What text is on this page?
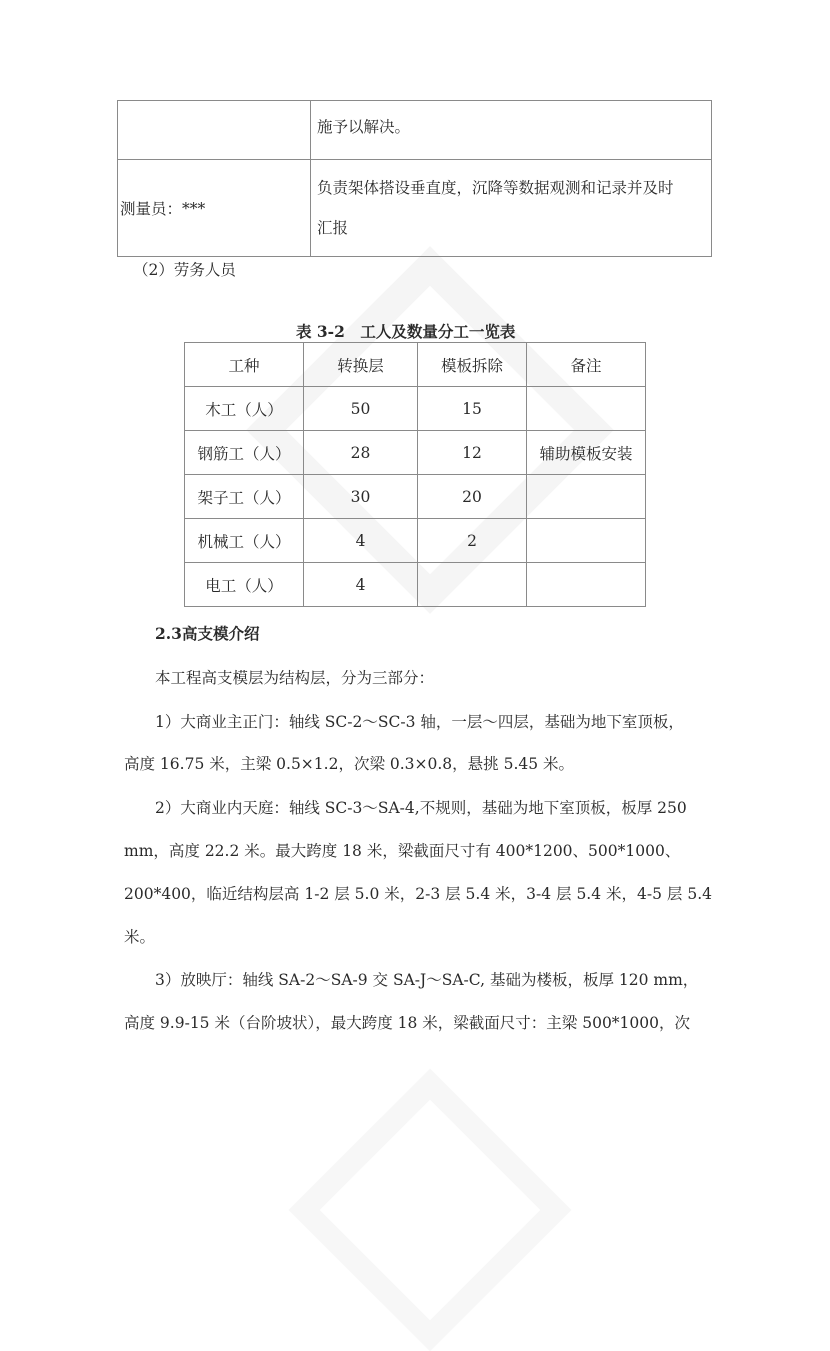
	施予以解决。
测量员：***	负责架体搭设垂直度，沉降等数据观测和记录并及时
汇报

（2）劳务人员

表 3-2　工人及数量分工一览表

工种	转换层	模板拆除	备注
木工（人）	50	15	
钢筋工（人）	28	12	辅助模板安装
架子工（人）	30	20	
机械工（人）	4	2	
电工（人）	4		

2.3高支模介绍

本工程高支模层为结构层，分为三部分：

1）大商业主正门：轴线 SC-2～SC-3 轴，一层～四层，基础为地下室顶板，

高度 16.75 米，主梁 0.5×1.2，次梁 0.3×0.8，悬挑 5.45 米。

2）大商业内天庭：轴线 SC-3～SA-4,不规则，基础为地下室顶板，板厚 250

mm，高度 22.2 米。最大跨度 18 米，梁截面尺寸有 400*1200、500*1000、

200*400，临近结构层高 1-2 层 5.0 米，2-3 层 5.4 米，3-4 层 5.4 米，4-5 层 5.4

米。

3）放映厅：轴线 SA-2～SA-9 交 SA-J～SA-C, 基础为楼板，板厚 120 mm，

高度 9.9-15 米（台阶坡状），最大跨度 18 米，梁截面尺寸：主梁 500*1000，次
